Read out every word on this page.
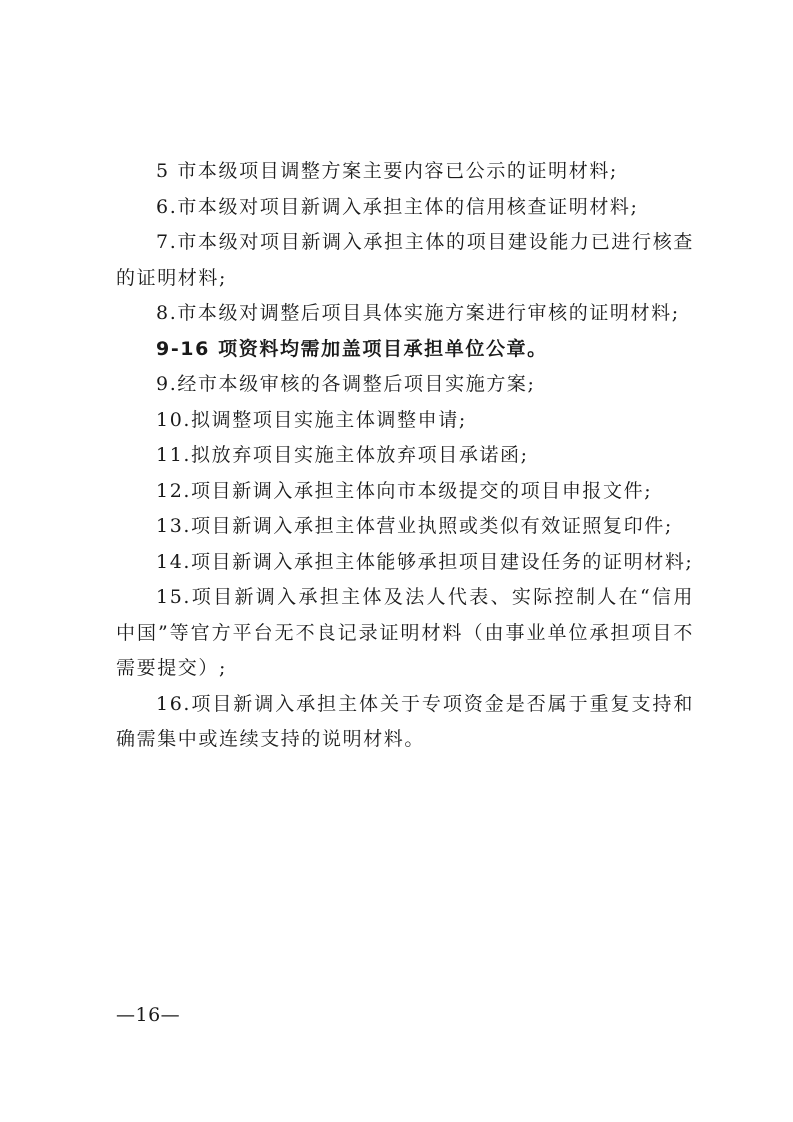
5 市本级项目调整方案主要内容已公示的证明材料;

6.市本级对项目新调入承担主体的信用核查证明材料;

7.市本级对项目新调入承担主体的项目建设能力已进行核查的证明材料;

8.市本级对调整后项目具体实施方案进行审核的证明材料;

9-16 项资料均需加盖项目承担单位公章。

9.经市本级审核的各调整后项目实施方案;

10.拟调整项目实施主体调整申请;

11.拟放弃项目实施主体放弃项目承诺函;

12.项目新调入承担主体向市本级提交的项目申报文件;

13.项目新调入承担主体营业执照或类似有效证照复印件;

14.项目新调入承担主体能够承担项目建设任务的证明材料;

15.项目新调入承担主体及法人代表、实际控制人在“信用中国”等官方平台无不良记录证明材料（由事业单位承担项目不需要提交）;

16.项目新调入承担主体关于专项资金是否属于重复支持和确需集中或连续支持的说明材料。

—16—
